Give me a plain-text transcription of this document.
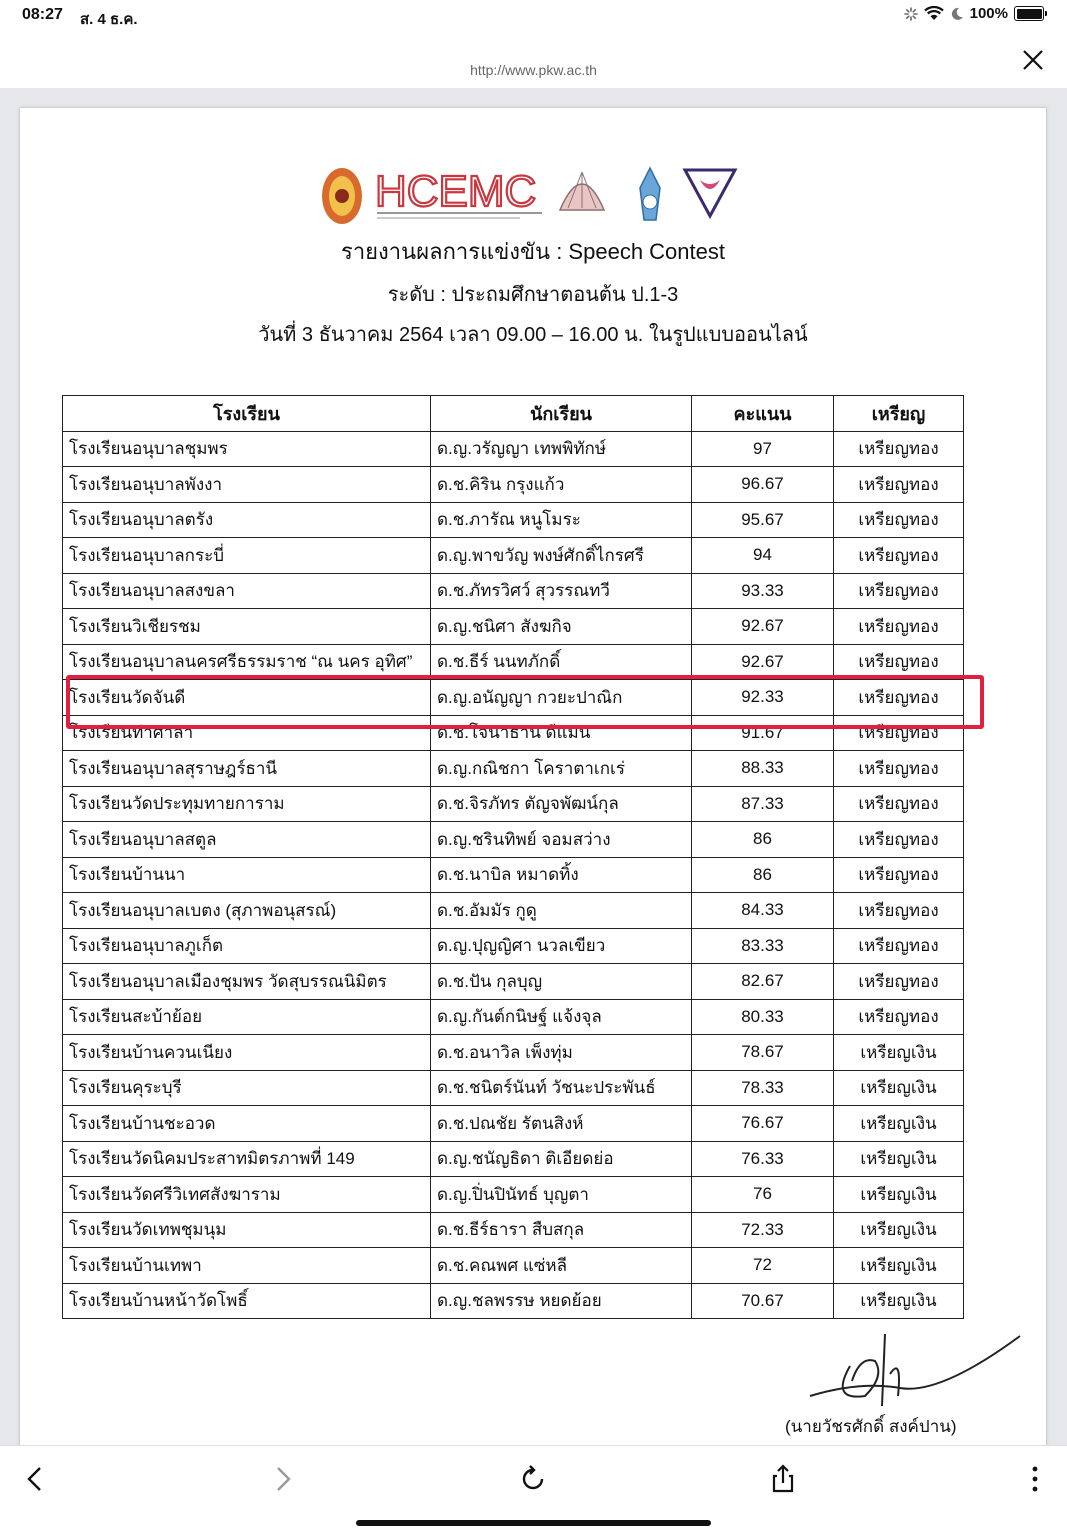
08:27 ส. 4 ธ.ค.	100%
http://www.pkw.ac.th
HCEMC
รายงานผลการแข่งขัน : Speech Contest
ระดับ : ประถมศึกษาตอนต้น ป.1-3
วันที่ 3 ธันวาคม 2564 เวลา 09.00 – 16.00 น. ในรูปแบบออนไลน์
โรงเรียน	นักเรียน	คะแนน	เหรียญ
โรงเรียนอนุบาลชุมพร	ด.ญ.วรัญญา เทพพิทักษ์	97	เหรียญทอง
โรงเรียนอนุบาลพังงา	ด.ช.คิริน กรุงแก้ว	96.67	เหรียญทอง
โรงเรียนอนุบาลตรัง	ด.ช.ภารัณ หนูโมระ	95.67	เหรียญทอง
โรงเรียนอนุบาลกระบี่	ด.ญ.พาขวัญ พงษ์ศักดิ์ไกรศรี	94	เหรียญทอง
โรงเรียนอนุบาลสงขลา	ด.ช.ภัทรวิศว์ สุวรรณทวี	93.33	เหรียญทอง
โรงเรียนวิเชียรชม	ด.ญ.ชนิศา สังฆกิจ	92.67	เหรียญทอง
โรงเรียนอนุบาลนครศรีธรรมราช “ณ นคร อุทิศ”	ด.ช.ธีร์ นนทภักดิ์	92.67	เหรียญทอง
โรงเรียนวัดจันดี	ด.ญ.อนัญญา กวยะปาณิก	92.33	เหรียญทอง
โรงเรียนท่าศาลา	ด.ช.โจนาธาน ดีแมน	91.67	เหรียญทอง
โรงเรียนอนุบาลสุราษฎร์ธานี	ด.ญ.กณิชกา โคราตาเกเร่	88.33	เหรียญทอง
โรงเรียนวัดประทุมทายการาม	ด.ช.จิรภัทร ตัญจพัฒน์กุล	87.33	เหรียญทอง
โรงเรียนอนุบาลสตูล	ด.ญ.ชรินทิพย์ จอมสว่าง	86	เหรียญทอง
โรงเรียนบ้านนา	ด.ช.นาบิล หมาดทิ้ง	86	เหรียญทอง
โรงเรียนอนุบาลเบตง (สุภาพอนุสรณ์)	ด.ช.อัมมัร กูดู	84.33	เหรียญทอง
โรงเรียนอนุบาลภูเก็ต	ด.ญ.ปุญญิศา นวลเขียว	83.33	เหรียญทอง
โรงเรียนอนุบาลเมืองชุมพร วัดสุบรรณนิมิตร	ด.ช.ปัน กุลบุญ	82.67	เหรียญทอง
โรงเรียนสะบ้าย้อย	ด.ญ.กันต์กนิษฐ์ แจ้งจุล	80.33	เหรียญทอง
โรงเรียนบ้านควนเนียง	ด.ช.อนาวิล เพ็งทุ่ม	78.67	เหรียญเงิน
โรงเรียนคุระบุรี	ด.ช.ชนิตร์นันท์ วัชนะประพันธ์	78.33	เหรียญเงิน
โรงเรียนบ้านชะอวด	ด.ช.ปณชัย รัตนสิงห์	76.67	เหรียญเงิน
โรงเรียนวัดนิคมประสาทมิตรภาพที่ 149	ด.ญ.ชนัญธิดา ติเอียดย่อ	76.33	เหรียญเงิน
โรงเรียนวัดศรีวิเทศสังฆาราม	ด.ญ.ปิ่นปินัทธ์ บุญตา	76	เหรียญเงิน
โรงเรียนวัดเทพชุมนุม	ด.ช.ธีร์ธารา สืบสกุล	72.33	เหรียญเงิน
โรงเรียนบ้านเทพา	ด.ช.คณพศ แซ่หลี	72	เหรียญเงิน
โรงเรียนบ้านหน้าวัดโพธิ์	ด.ญ.ชลพรรษ หยดย้อย	70.67	เหรียญเงิน
(นายวัชรศักดิ์ สงค์ปาน)
